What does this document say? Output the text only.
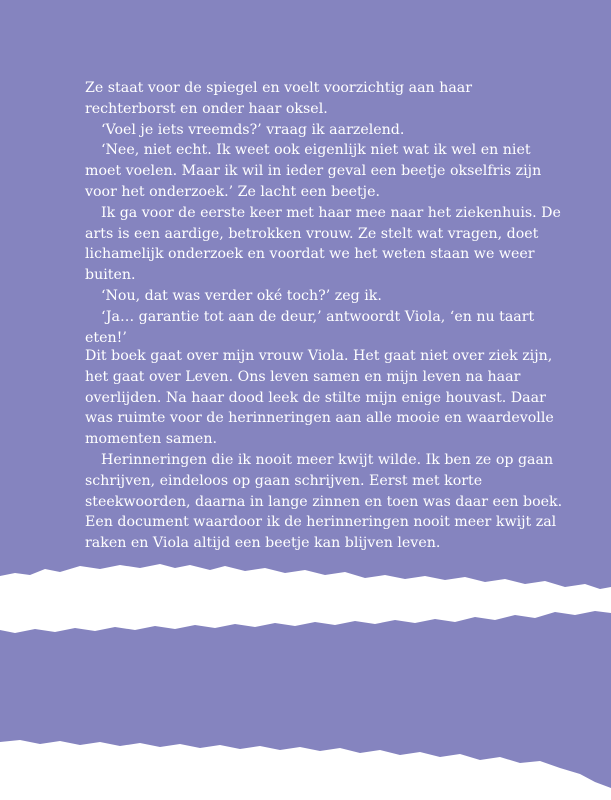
Ze staat voor de spiegel en voelt voorzichtig aan haar rechterborst en onder haar oksel.

‘Voel je iets vreemds?’ vraag ik aarzelend.

‘Nee, niet echt. Ik weet ook eigenlijk niet wat ik wel en niet moet voelen. Maar ik wil in ieder geval een beetje okselfris zijn voor het onderzoek.’ Ze lacht een beetje.

Ik ga voor de eerste keer met haar mee naar het ziekenhuis. De arts is een aardige, betrokken vrouw. Ze stelt wat vragen, doet lichamelijk onderzoek en voordat we het weten staan we weer buiten.

‘Nou, dat was verder oké toch?’ zeg ik.

‘Ja… garantie tot aan de deur,’ antwoordt Viola, ‘en nu taart eten!’

Dit boek gaat over mijn vrouw Viola. Het gaat niet over ziek zijn, het gaat over Leven. Ons leven samen en mijn leven na haar overlijden. Na haar dood leek de stilte mijn enige houvast. Daar was ruimte voor de herinneringen aan alle mooie en waardevolle momenten samen.

Herinneringen die ik nooit meer kwijt wilde. Ik ben ze op gaan schrijven, eindeloos op gaan schrijven. Eerst met korte steekwoorden, daarna in lange zinnen en toen was daar een boek. Een document waardoor ik de herinneringen nooit meer kwijt zal raken en Viola altijd een beetje kan blijven leven.
